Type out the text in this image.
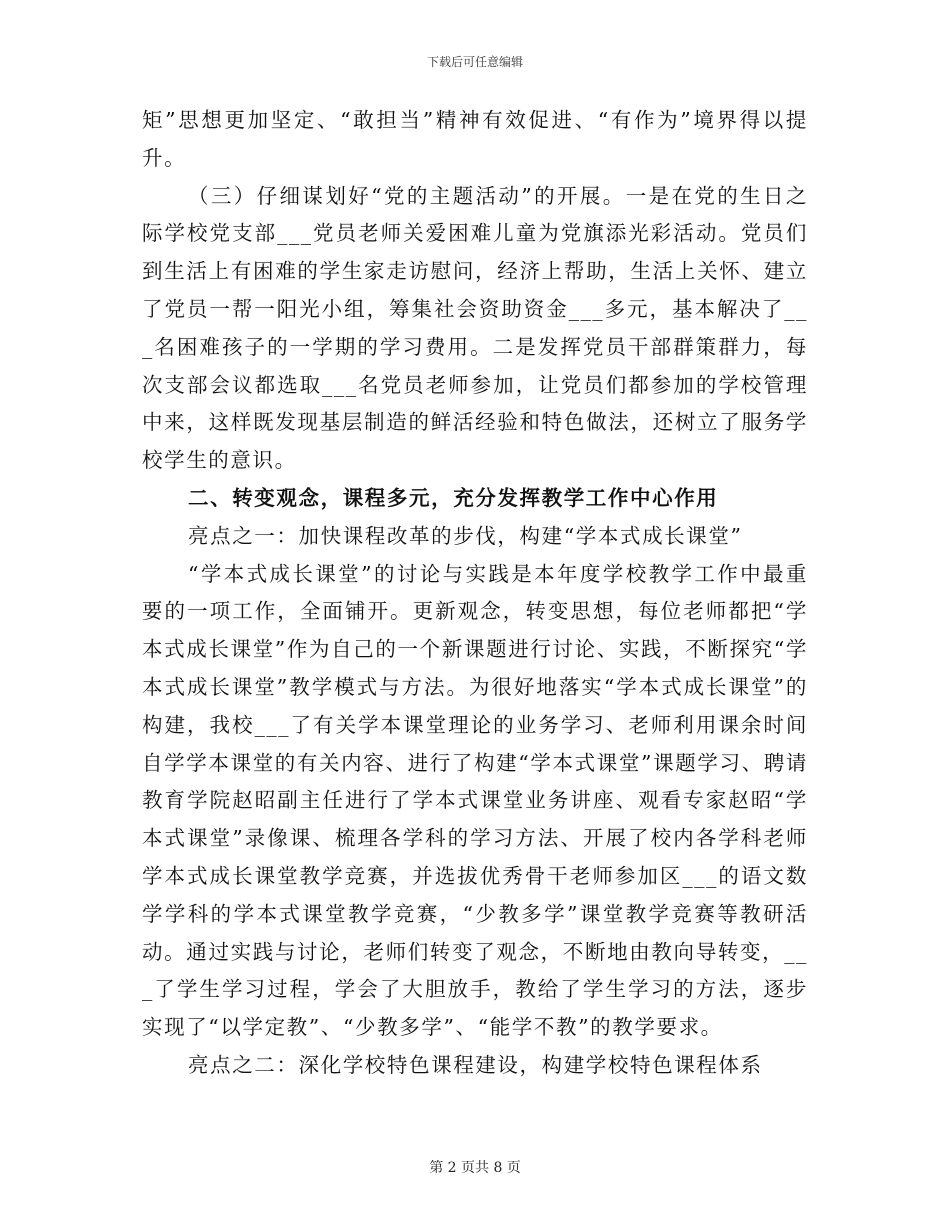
下载后可任意编辑

矩”思想更加坚定、“敢担当”精神有效促进、“有作为”境界得以提升。

（三）仔细谋划好“党的主题活动”的开展。一是在党的生日之际学校党支部___党员老师关爱困难儿童为党旗添光彩活动。党员们到生活上有困难的学生家走访慰问，经济上帮助，生活上关怀、建立了党员一帮一阳光小组，筹集社会资助资金___多元，基本解决了___名困难孩子的一学期的学习费用。二是发挥党员干部群策群力，每次支部会议都选取___名党员老师参加，让党员们都参加的学校管理中来，这样既发现基层制造的鲜活经验和特色做法，还树立了服务学校学生的意识。

二、转变观念，课程多元，充分发挥教学工作中心作用

亮点之一：加快课程改革的步伐，构建“学本式成长课堂”

“学本式成长课堂”的讨论与实践是本年度学校教学工作中最重要的一项工作，全面铺开。更新观念，转变思想，每位老师都把“学本式成长课堂”作为自己的一个新课题进行讨论、实践，不断探究“学本式成长课堂”教学模式与方法。为很好地落实“学本式成长课堂”的构建，我校___了有关学本课堂理论的业务学习、老师利用课余时间自学学本课堂的有关内容、进行了构建“学本式课堂”课题学习、聘请教育学院赵昭副主任进行了学本式课堂业务讲座、观看专家赵昭“学本式课堂”录像课、梳理各学科的学习方法、开展了校内各学科老师学本式成长课堂教学竞赛，并选拔优秀骨干老师参加区___的语文数学学科的学本式课堂教学竞赛，“少教多学”课堂教学竞赛等教研活动。通过实践与讨论，老师们转变了观念，不断地由教向导转变，___了学生学习过程，学会了大胆放手，教给了学生学习的方法，逐步实现了“以学定教”、“少教多学”、“能学不教”的教学要求。

亮点之二：深化学校特色课程建设，构建学校特色课程体系

第 2 页共 8 页
